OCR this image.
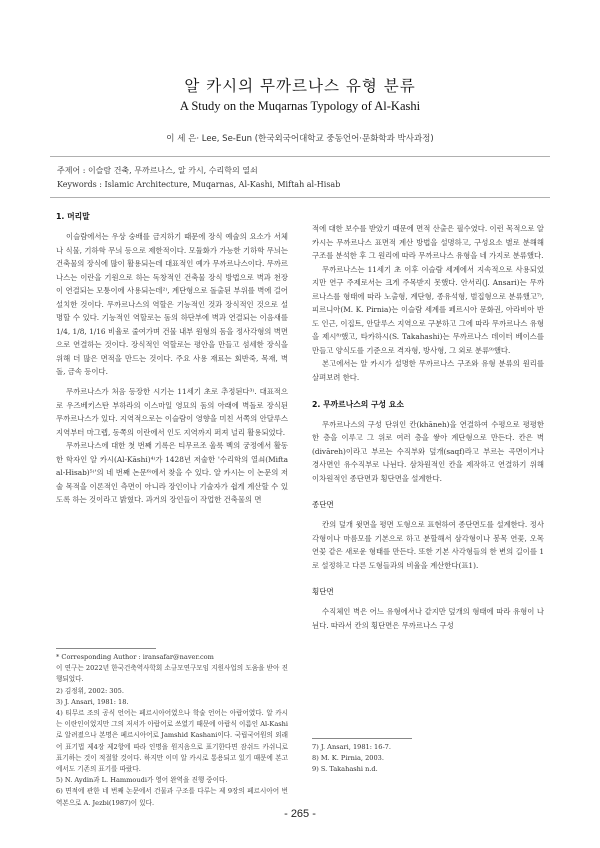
알 카시의 무까르나스 유형 분류
A Study on the Muqarnas Typology of Al-Kashi
이 세 은· Lee, Se-Eun (한국외국어대학교 중동언어·문화학과 박사과정)
주제어 : 이슬람 건축, 무까르나스, 알 카시, 수리학의 열쇠
Keywords : Islamic Architecture, Muqarnas, Al-Kashi, Miftah al-Hisab
1. 머리말

이슬람에서는 우상 숭배를 금지하기 때문에 장식 예술의 요소가 서체나 식물, 기하학 무늬 등으로 제한적이다. 모듈화가 가능한 기하학 무늬는 건축물의 장식에 많이 활용되는데 대표적인 예가 무까르나스이다. 무까르나스는 이란을 기원으로 하는 독창적인 건축물 장식 방법으로 벽과 천장이 연결되는 모퉁이에 사용되는데²⁾, 계단형으로 돌출된 부위를 벽에 걸어 설치한 것이다. 무까르나스의 역할은 기능적인 것과 장식적인 것으로 설명할 수 있다. 기능적인 역할로는 돔의 하단부에 벽과 연결되는 이음새를 1/4, 1/8, 1/16 비율로 줄여가며 건물 내부 원형의 돔을 정사각형의 벽면으로 연결하는 것이다. 장식적인 역할로는 평안을 만들고 섬세한 장식을 위해 더 많은 면적을 만드는 것이다. 주요 사용 재료는 회반죽, 목재, 벽돌, 금속 등이다.

무까르나스가 처음 등장한 시기는 11세기 초로 추정된다³⁾. 대표적으로 우즈베키스탄 부하라의 이스마일 영묘의 돔의 아래에 벽돌로 장식된 무까르나스가 있다. 지역적으로는 이슬람이 영향을 미친 서쪽의 안달루스 지역부터 마그렙, 동쪽의 이란에서 인도 지역까지 퍼져 널리 활용되었다.

무까르나스에 대한 첫 번째 기록은 티무르조 울룩 벡의 궁정에서 활동한 학자인 알 카시(Al-Kāshi)⁴⁾가 1428년 저술한 '수리학의 열쇠(Mifta al-Hisab)⁵⁾'의 네 번째 논문⁶⁾에서 찾을 수 있다. 알 카시는 이 논문의 저술 목적을 이론적인 측면이 아니라 장인이나 기술자가 쉽게 계산할 수 있도록 하는 것이라고 밝혔다. 과거의 장인들이 작업한 건축물의 면

* Corresponding Author : iransafar@naver.com
이 연구는 2022년 한국건축역사학회 소규모연구모임 지원사업의 도움을 받아 진행되었다.
2) 김정위, 2002: 305.
3) J. Ansari, 1981: 18.
4) 티무르 조의 공식 언어는 페르시아어였으나 학술 언어는 아랍어였다. 알 카시는 이란인이었지만 그의 저서가 아랍어로 쓰였기 때문에 아랍식 이름인 Al-Kashi로 알려졌으나 본명은 페르시아어로 Jamshid Kashani이다. 국립국어원의 외래어 표기법 제4장 제2항에 따라 인명을 원지음으로 표기한다면 잠쉬드 카쉬니로 표기하는 것이 적절할 것이다. 하지만 이미 알 카시로 통용되고 있기 때문에 본고에서도 기존의 표기를 따랐다.
5) N. Aydin과 L. Hammoudi가 영어 완역을 진행 중이다.
6) 면적에 관한 네 번째 논문에서 건물과 구조를 다루는 제 9장의 페르시아어 번역본으로 A. Jezbi(1987)이 있다.

적에 대한 보수를 받았기 때문에 면적 산출은 필수였다. 이런 목적으로 알 카시는 무까르나스 표면적 계산 방법을 설명하고, 구성요소 별로 분해해 구조를 분석한 후 그 원리에 따라 무까르나스 유형을 네 가지로 분류했다.

무까르나스는 11세기 초 이후 이슬람 세계에서 지속적으로 사용되었지만 연구 주제로서는 크게 주목받지 못했다. 안서리(J. Ansari)는 무까르나스를 형태에 따라 노출형, 계단형, 종유석형, 벌집형으로 분류했고⁷⁾, 피르니아(M. K. Pirnia)는 이슬람 세계를 페르시아 문화권, 아라비아 반도 인근, 이집트, 안달루스 지역으로 구분하고 그에 따라 무까르나스 유형을 제시⁸⁾했고, 타카하시(S. Takahashi)는 무까르나스 데이터 베이스를 만들고 양식도를 기준으로 격자형, 방사형, 그 외로 분류⁹⁾했다.

본고에서는 알 카시가 설명한 무까르나스 구조와 유형 분류의 원리를 살펴보려 한다.

2. 무까르나스의 구성 요소

무까르나스의 구성 단위인 칸(khāneh)을 연결하여 수평으로 평평한 한 층을 이루고 그 위로 여러 층을 쌓아 계단형으로 만든다. 칸은 벽(divāreh)이라고 부르는 수직부와 덮개(saqf)라고 부르는 곡면이거나 경사면인 유수직부로 나뉜다. 삼차원적인 칸을 제작하고 연결하기 위해 이차원적인 종단면과 횡단면을 설계한다.

종단면

칸의 덮개 윗면을 평면 도형으로 표현하여 종단면도를 설계한다. 정사각형이나 마름모를 기본으로 하고 분할해서 삼각형이나 봉목 연꽃, 오목 연꽃 같은 새로운 형태를 만든다. 또한 기본 사각형들의 한 변의 길이를 1로 설정하고 다른 도형들과의 비율을 계산한다(표1).

횡단면

수직체인 벽은 어느 유형에서나 같지만 덮개의 형태에 따라 유형이 나뉜다. 따라서 칸의 횡단면은 무까르나스 구성

7) J. Ansari, 1981: 16-7.
8) M. K. Pirnia, 2003.
9) S. Takahashi n.d.
- 265 -
